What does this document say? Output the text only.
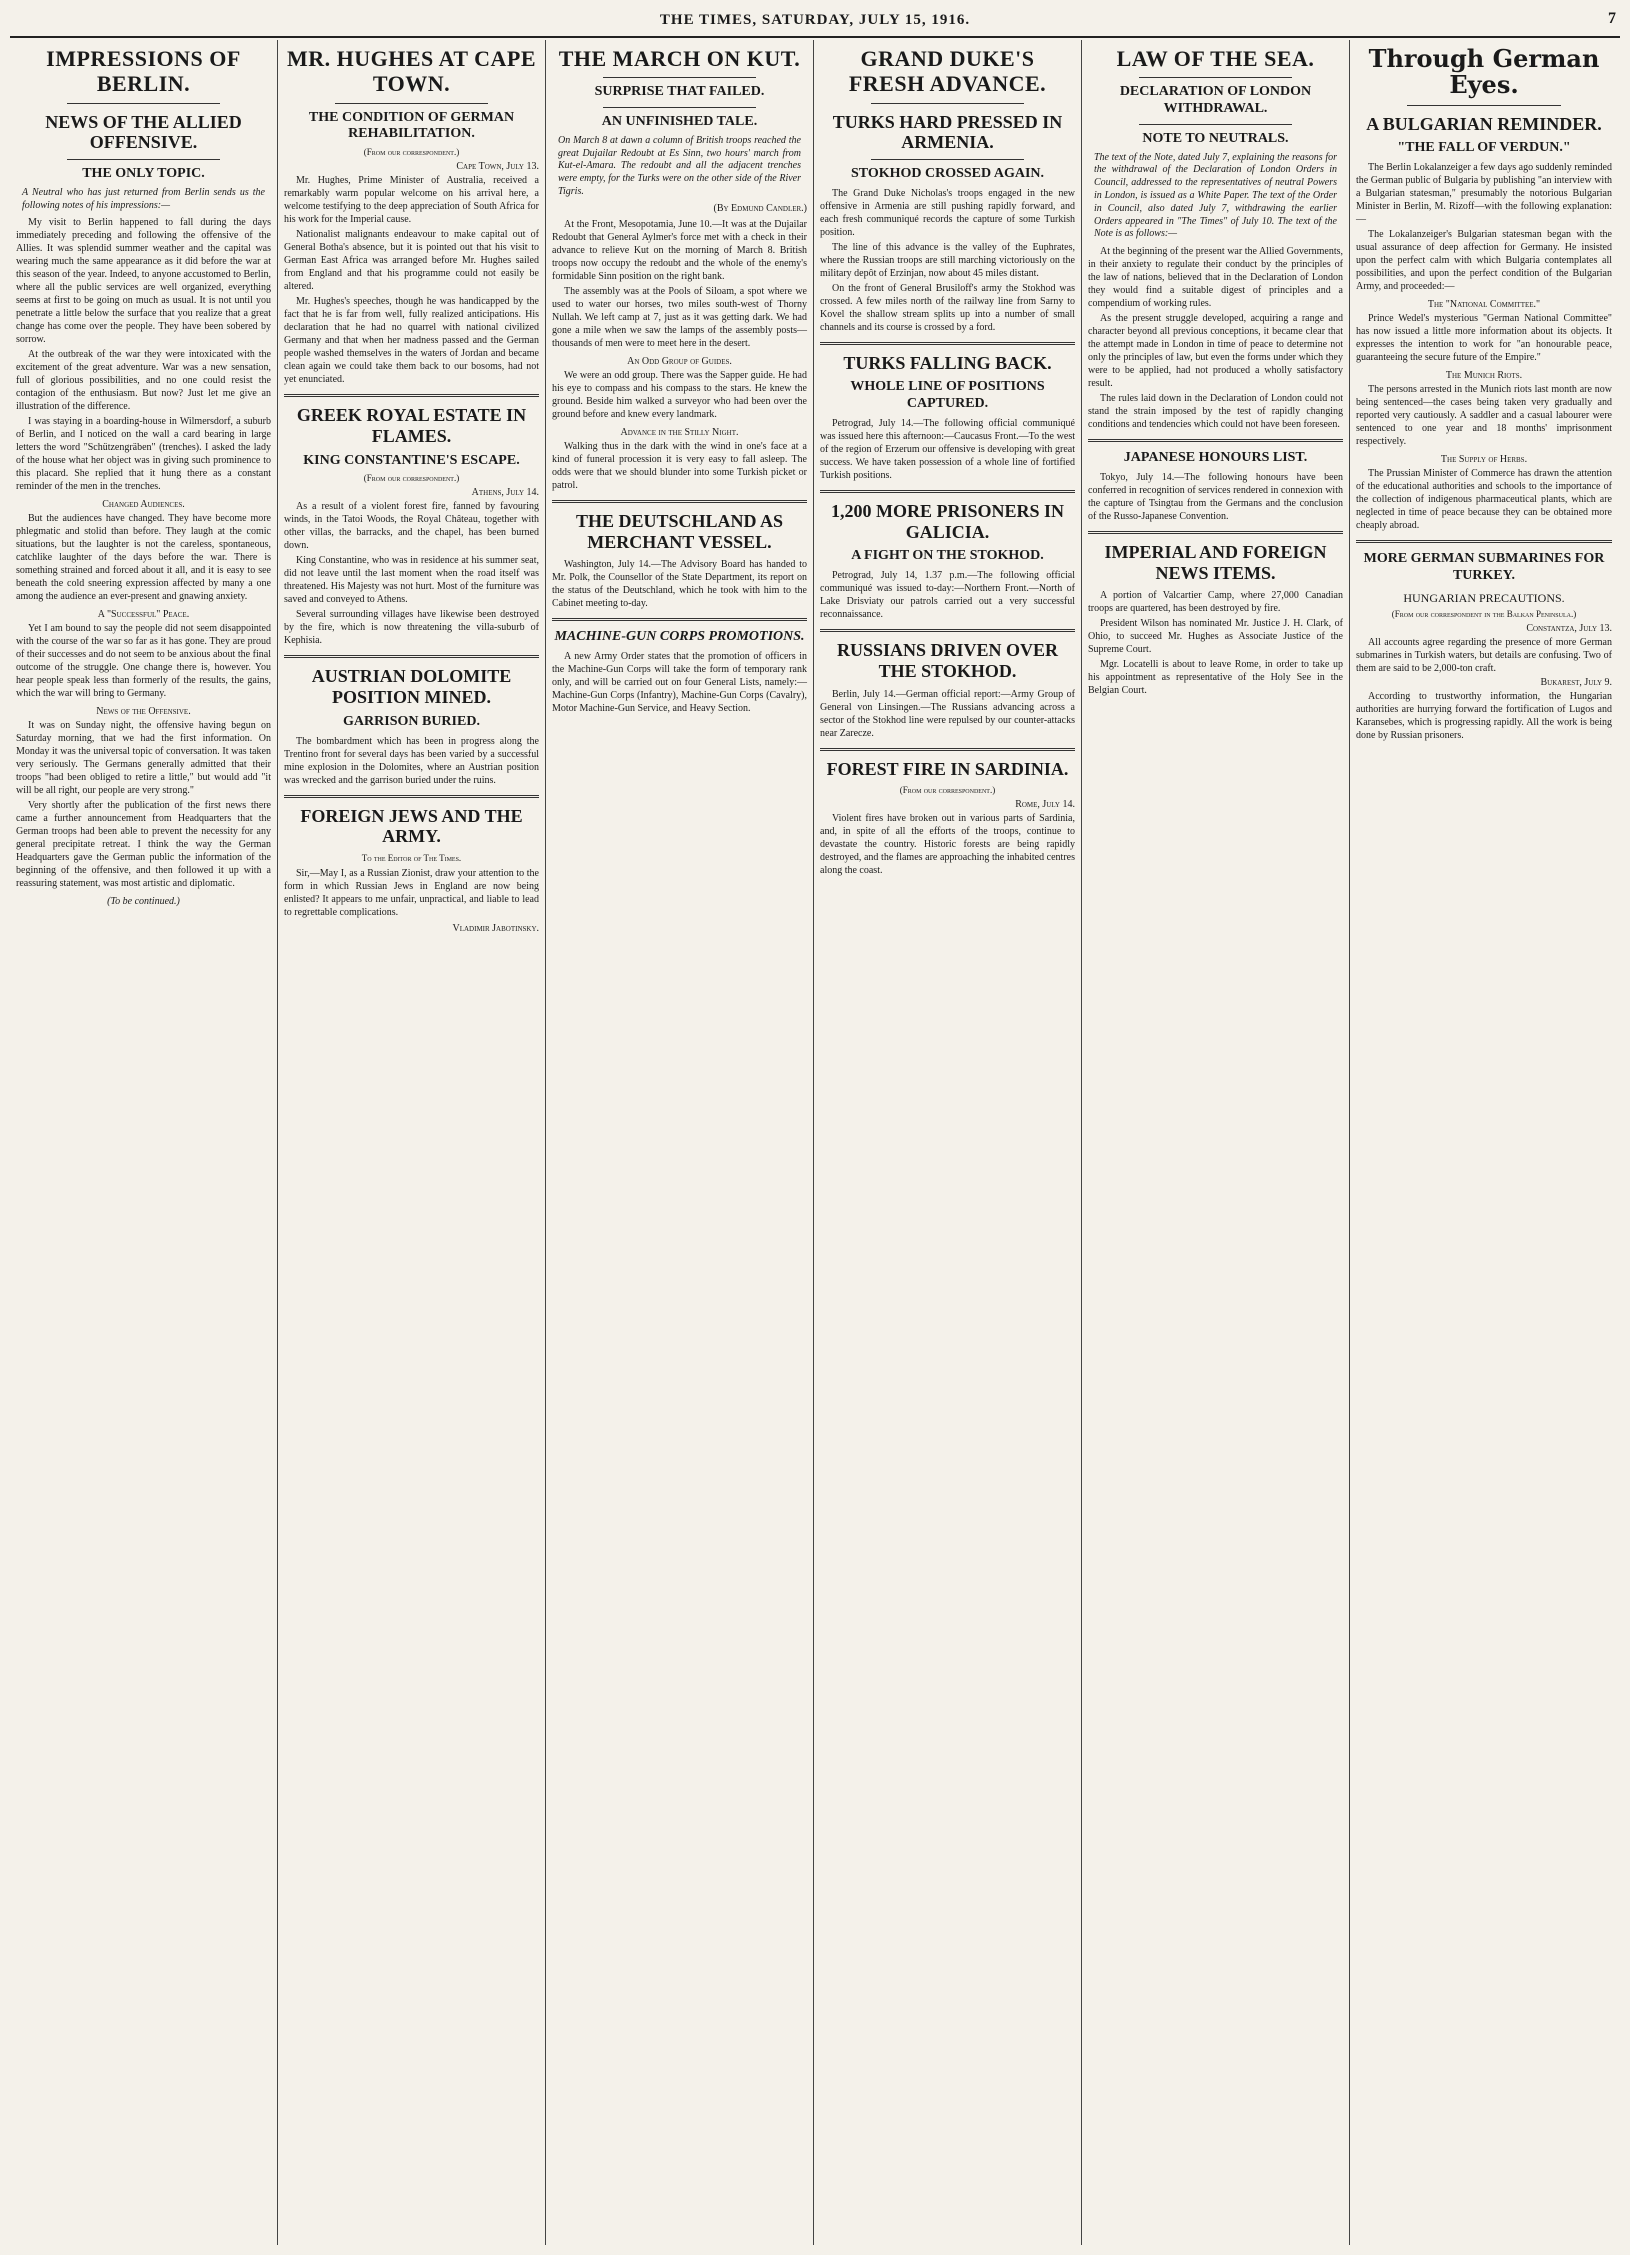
THE TIMES, SATURDAY, JULY 15, 1916.	7
IMPRESSIONS OF BERLIN.
NEWS OF THE ALLIED OFFENSIVE.
THE ONLY TOPIC.

A Neutral who has just returned from Berlin sends us the following notes of his impressions:—

My visit to Berlin happened to fall during the days immediately preceding and following the offensive of the Allies. It was splendid summer weather and the capital was wearing much the same appearance as it did before the war at this season of the year. Indeed, to anyone accustomed to Berlin, where all the public services are well organized, everything seems at first to be going on much as usual. It is not until you penetrate a little below the surface that you realize that a great change has come over the people. They have been sobered by sorrow.

At the outbreak of the war they were intoxicated with the excitement of the great adventure. War was a new sensation, full of glorious possibilities, and no one could resist the contagion of the enthusiasm. But now? Just let me give an illustration of the difference.

I was staying in a boarding-house in Wilmersdorf, a suburb of Berlin, and I noticed on the wall a card bearing in large letters the word "Schützengräben" (trenches). I asked the lady of the house what her object was in giving such prominence to this placard. She replied that it hung there as a constant reminder of the men in the trenches.

Changed Audiences.

But the audiences have changed. They have become more phlegmatic and stolid than before. They laugh at the comic situations, but the laughter is not the careless, spontaneous, catchlike laughter of the days before the war. There is something strained and forced about it all, and it is easy to see beneath the cold sneering expression affected by many a one among the audience an ever-present and gnawing anxiety.

A "Successful" Peace.

Yet I am bound to say the people did not seem disappointed with the course of the war so far as it has gone. They are proud of their successes and do not seem to be anxious about the final outcome of the struggle. One change there is, however. You hear people speak less than formerly of the results, the gains, which the war will bring to Germany.

News of the Offensive.

It was on Sunday night, the offensive having begun on Saturday morning, that we had the first information. On Monday it was the universal topic of conversation. It was taken very seriously. The Germans generally admitted that their troops "had been obliged to retire a little," but would add "it will be all right, our people are very strong."

Very shortly after the publication of the first news there came a further announcement from Headquarters that the German troops had been able to prevent the necessity for any general precipitate retreat. I think the way the German Headquarters gave the German public the information of the beginning of the offensive, and then followed it up with a reassuring statement, was most artistic and diplomatic.

(To be continued.)
MR. HUGHES AT CAPE TOWN.
THE CONDITION OF GERMAN REHABILITATION.
(From our correspondent.)
Cape Town, July 13.

Mr. Hughes, Prime Minister of Australia, received a remarkably warm popular welcome on his arrival here, a welcome testifying to the deep appreciation of South Africa for his work for the Imperial cause.

Nationalist malignants endeavour to make capital out of General Botha's absence, but it is pointed out that his visit to German East Africa was arranged before Mr. Hughes sailed from England and that his programme could not easily be altered.

Mr. Hughes's speeches, though he was handicapped by the fact that he is far from well, fully realized anticipations. His declaration that he had no quarrel with national civilized Germany and that when her madness passed and the German people washed themselves in the waters of Jordan and became clean again we could take them back to our bosoms, had not yet enunciated.

GREEK ROYAL ESTATE IN FLAMES.
KING CONSTANTINE'S ESCAPE.
(From our correspondent.)
Athens, July 14.

As a result of a violent forest fire, fanned by favouring winds, in the Tatoi Woods, the Royal Château, together with other villas, the barracks, and the chapel, has been burned down.

King Constantine, who was in residence at his summer seat, did not leave until the last moment when the road itself was threatened. His Majesty was not hurt. Most of the furniture was saved and conveyed to Athens.

Several surrounding villages have likewise been destroyed by the fire, which is now threatening the villa-suburb of Kephisia.

AUSTRIAN DOLOMITE POSITION MINED.
GARRISON BURIED.

The bombardment which has been in progress along the Trentino front for several days has been varied by a successful mine explosion in the Dolomites, where an Austrian position was wrecked and the garrison buried under the ruins.

FOREIGN JEWS AND THE ARMY.
To the Editor of The Times.

Sir,—May I, as a Russian Zionist, draw your attention to the form in which Russian Jews in England are now being enlisted? It appears to me unfair, unpractical, and liable to lead to regrettable complications.

Vladimir Jabotinsky.
THE MARCH ON KUT.
SURPRISE THAT FAILED.
AN UNFINISHED TALE.

On March 8 at dawn a column of British troops reached the great Dujailar Redoubt at Es Sinn, two hours' march from Kut-el-Amara. The redoubt and all the adjacent trenches were empty, for the Turks were on the other side of the River Tigris.

(By Edmund Candler.)

At the Front, Mesopotamia, June 10.—It was at the Dujailar Redoubt that General Aylmer's force met with a check in their advance to relieve Kut on the morning of March 8. British troops now occupy the redoubt and the whole of the enemy's formidable Sinn position on the right bank.

The assembly was at the Pools of Siloam, a spot where we used to water our horses, two miles south-west of Thorny Nullah. We left camp at 7, just as it was getting dark. We had gone a mile when we saw the lamps of the assembly posts—thousands of men were to meet here in the desert.

An Odd Group of Guides.

We were an odd group. There was the Sapper guide. He had his eye to compass and his compass to the stars. He knew the ground. Beside him walked a surveyor who had been over the ground before and knew every landmark.

Advance in the Stilly Night.

Walking thus in the dark with the wind in one's face at a kind of funeral procession it is very easy to fall asleep. The odds were that we should blunder into some Turkish picket or patrol.

THE DEUTSCHLAND AS MERCHANT VESSEL.

Washington, July 14.—The Advisory Board has handed to Mr. Polk, the Counsellor of the State Department, its report on the status of the Deutschland, which he took with him to the Cabinet meeting to-day.

MACHINE-GUN CORPS PROMOTIONS.

A new Army Order states that the promotion of officers in the Machine-Gun Corps will take the form of temporary rank only, and will be carried out on four General Lists, namely:—Machine-Gun Corps (Infantry), Machine-Gun Corps (Cavalry), Motor Machine-Gun Service, and Heavy Section.

GRAND DUKE'S FRESH ADVANCE.
TURKS HARD PRESSED IN ARMENIA.
STOKHOD CROSSED AGAIN.

The Grand Duke Nicholas's troops engaged in the new offensive in Armenia are still pushing rapidly forward, and each fresh communiqué records the capture of some Turkish position.

The line of this advance is the valley of the Euphrates, where the Russian troops are still marching victoriously on the military depôt of Erzinjan, now about 45 miles distant.

On the front of General Brusiloff's army the Stokhod was crossed. A few miles north of the railway line from Sarny to Kovel the shallow stream splits up into a number of small channels and its course is crossed by a ford.

TURKS FALLING BACK.
WHOLE LINE OF POSITIONS CAPTURED.

Petrograd, July 14.—The following official communiqué was issued here this afternoon:—Caucasus Front.—To the west of the region of Erzerum our offensive is developing with great success. We have taken possession of a whole line of fortified Turkish positions.

1,200 MORE PRISONERS IN GALICIA.
A FIGHT ON THE STOKHOD.

Petrograd, July 14, 1.37 p.m.—The following official communiqué was issued to-day:—Northern Front.—North of Lake Drisviaty our patrols carried out a very successful reconnaissance.

RUSSIANS DRIVEN OVER THE STOKHOD.

Berlin, July 14.—German official report:—Army Group of General von Linsingen.—The Russians advancing across a sector of the Stokhod line were repulsed by our counter-attacks near Zarecze.

FOREST FIRE IN SARDINIA.
(From our correspondent.)
Rome, July 14.

Violent fires have broken out in various parts of Sardinia, and, in spite of all the efforts of the troops, continue to devastate the country. Historic forests are being rapidly destroyed, and the flames are approaching the inhabited centres along the coast.

LAW OF THE SEA.
DECLARATION OF LONDON WITHDRAWAL.
NOTE TO NEUTRALS.

The text of the Note, dated July 7, explaining the reasons for the withdrawal of the Declaration of London Orders in Council, addressed to the representatives of neutral Powers in London, is issued as a White Paper. The text of the Order in Council, also dated July 7, withdrawing the earlier Orders appeared in "The Times" of July 10. The text of the Note is as follows:—

At the beginning of the present war the Allied Governments, in their anxiety to regulate their conduct by the principles of the law of nations, believed that in the Declaration of London they would find a suitable digest of principles and a compendium of working rules.

As the present struggle developed, acquiring a range and character beyond all previous conceptions, it became clear that the attempt made in London in time of peace to determine not only the principles of law, but even the forms under which they were to be applied, had not produced a wholly satisfactory result.

The rules laid down in the Declaration of London could not stand the strain imposed by the test of rapidly changing conditions and tendencies which could not have been foreseen.

JAPANESE HONOURS LIST.

Tokyo, July 14.—The following honours have been conferred in recognition of services rendered in connexion with the capture of Tsingtau from the Germans and the conclusion of the Russo-Japanese Convention.

IMPERIAL AND FOREIGN NEWS ITEMS.

A portion of Valcartier Camp, where 27,000 Canadian troops are quartered, has been destroyed by fire.

President Wilson has nominated Mr. Justice J. H. Clark, of Ohio, to succeed Mr. Hughes as Associate Justice of the Supreme Court.

Mgr. Locatelli is about to leave Rome, in order to take up his appointment as representative of the Holy See in the Belgian Court.

Through German Eyes.
A BULGARIAN REMINDER.
"THE FALL OF VERDUN."

The Berlin Lokalanzeiger a few days ago suddenly reminded the German public of Bulgaria by publishing "an interview with a Bulgarian statesman," presumably the notorious Bulgarian Minister in Berlin, M. Rizoff—with the following explanation:—

The Lokalanzeiger's Bulgarian statesman began with the usual assurance of deep affection for Germany. He insisted upon the perfect calm with which Bulgaria contemplates all possibilities, and upon the perfect condition of the Bulgarian Army, and proceeded:—

The "National Committee."

Prince Wedel's mysterious "German National Committee" has now issued a little more information about its objects. It expresses the intention to work for "an honourable peace, guaranteeing the secure future of the Empire."

The Munich Riots.

The persons arrested in the Munich riots last month are now being sentenced—the cases being taken very gradually and reported very cautiously. A saddler and a casual labourer were sentenced to one year and 18 months' imprisonment respectively.

The Supply of Herbs.

The Prussian Minister of Commerce has drawn the attention of the educational authorities and schools to the importance of the collection of indigenous pharmaceutical plants, which are neglected in time of peace because they can be obtained more cheaply abroad.

MORE GERMAN SUBMARINES FOR TURKEY.
HUNGARIAN PRECAUTIONS.
(From our correspondent in the Balkan Peninsula.)
Constantza, July 13.

All accounts agree regarding the presence of more German submarines in Turkish waters, but details are confusing. Two of them are said to be 2,000-ton craft.

Bukarest, July 9.

According to trustworthy information, the Hungarian authorities are hurrying forward the fortification of Lugos and Karansebes, which is progressing rapidly. All the work is being done by Russian prisoners.
